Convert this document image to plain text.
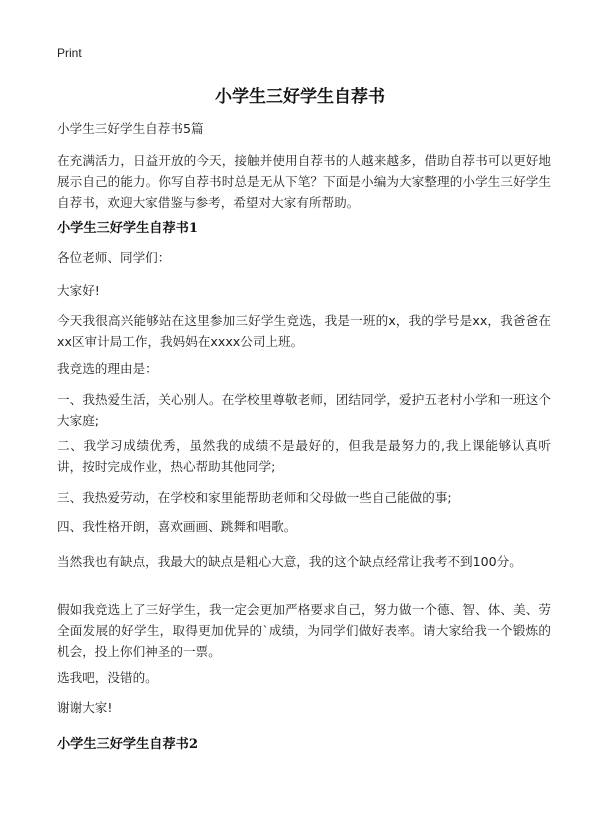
Print
小学生三好学生自荐书
小学生三好学生自荐书5篇
在充满活力，日益开放的今天，接触并使用自荐书的人越来越多，借助自荐书可以更好地展示自己的能力。你写自荐书时总是无从下笔？下面是小编为大家整理的小学生三好学生自荐书，欢迎大家借鉴与参考，希望对大家有所帮助。
小学生三好学生自荐书1
各位老师、同学们：
大家好!
今天我很高兴能够站在这里参加三好学生竞选，我是一班的x，我的学号是xx，我爸爸在xx区审计局工作，我妈妈在xxxx公司上班。
我竞选的理由是：
一、我热爱生活，关心别人。在学校里尊敬老师，团结同学，爱护五老村小学和一班这个大家庭;
二、我学习成绩优秀，虽然我的成绩不是最好的，但我是最努力的,我上课能够认真听讲，按时完成作业，热心帮助其他同学;
三、我热爱劳动，在学校和家里能帮助老师和父母做一些自己能做的事;
四、我性格开朗，喜欢画画、跳舞和唱歌。
当然我也有缺点，我最大的缺点是粗心大意，我的这个缺点经常让我考不到100分。
假如我竞选上了三好学生，我一定会更加严格要求自己，努力做一个德、智、体、美、劳全面发展的好学生，取得更加优异的`成绩，为同学们做好表率。请大家给我一个锻炼的机会，投上你们神圣的一票。
选我吧，没错的。
谢谢大家!
小学生三好学生自荐书2
